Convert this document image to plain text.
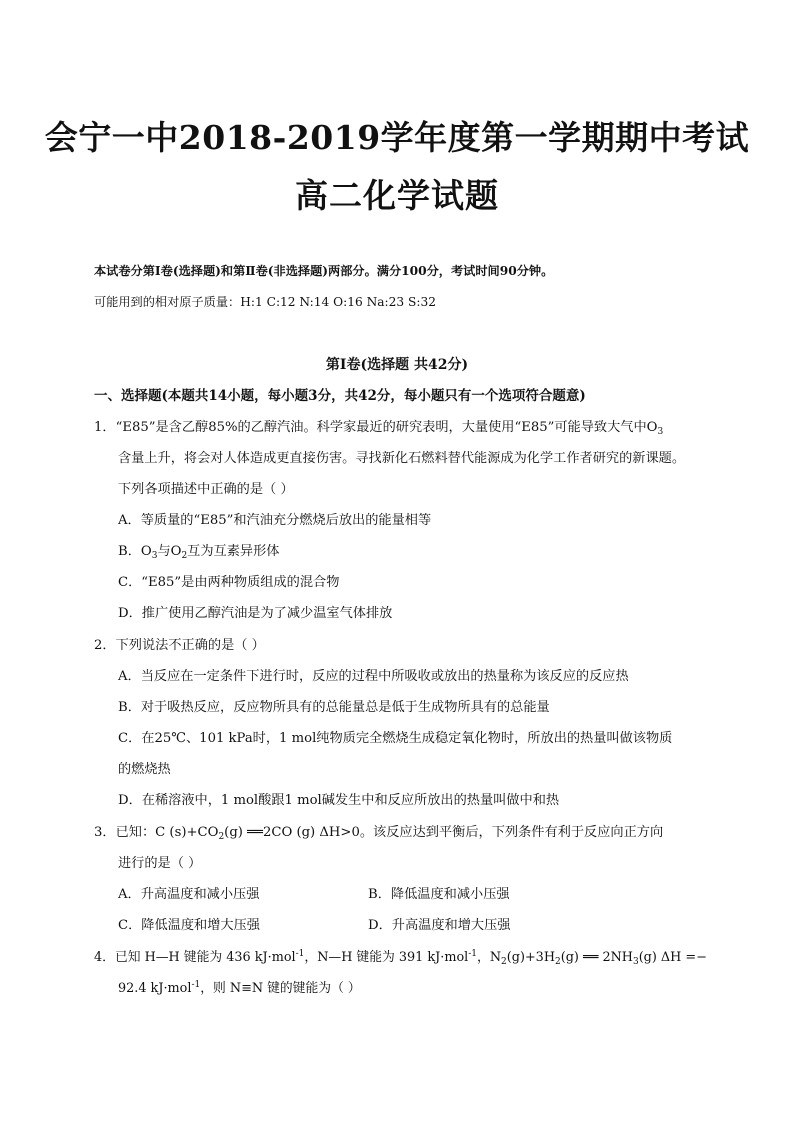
会宁一中2018-2019学年度第一学期期中考试
高二化学试题
本试卷分第Ⅰ卷(选择题)和第Ⅱ卷(非选择题)两部分。满分100分，考试时间90分钟。
可能用到的相对原子质量：H:1 C:12 N:14 O:16 Na:23 S:32
第Ⅰ卷(选择题 共42分)
一、选择题(本题共14小题，每小题3分，共42分，每小题只有一个选项符合题意)
1．“E85”是含乙醇85%的乙醇汽油。科学家最近的研究表明，大量使用“E85”可能导致大气中$O_3$
含量上升，将会对人体造成更直接伤害。寻找新化石燃料替代能源成为化学工作者研究的新课题。
下列各项描述中正确的是（ ）
A．等质量的“E85”和汽油充分燃烧后放出的能量相等
B．$O_3$与$O_2$互为互素异形体
C．“E85”是由两种物质组成的混合物
D．推广使用乙醇汽油是为了减少温室气体排放
2．下列说法不正确的是（ ）
A．当反应在一定条件下进行时，反应的过程中所吸收或放出的热量称为该反应的反应热
B．对于吸热反应，反应物所具有的总能量总是低于生成物所具有的总能量
C．在25℃、101 kPa时，1 mol纯物质完全燃烧生成稳定氧化物时，所放出的热量叫做该物质
的燃烧热
D．在稀溶液中，1 mol酸跟1 mol碱发生中和反应所放出的热量叫做中和热
3．已知：C $(s)+CO_2(g)$ ══2CO (g) ΔH>0。该反应达到平衡后，下列条件有利于反应向正方向
进行的是（ ）
A．升高温度和减小压强	B．降低温度和减小压强
C．降低温度和增大压强	D．升高温度和增大压强
4．已知 H—H 键能为 436 kJ·mol$^{-1}$，N—H 键能为 391 kJ·mol$^{-1}$，$N_2(g)+3H_2(g)$ ══ $2NH_3(g) \Delta H$ =−
92.4 kJ·mol$^{-1}$，则 N≡N 键的键能为（ ）
